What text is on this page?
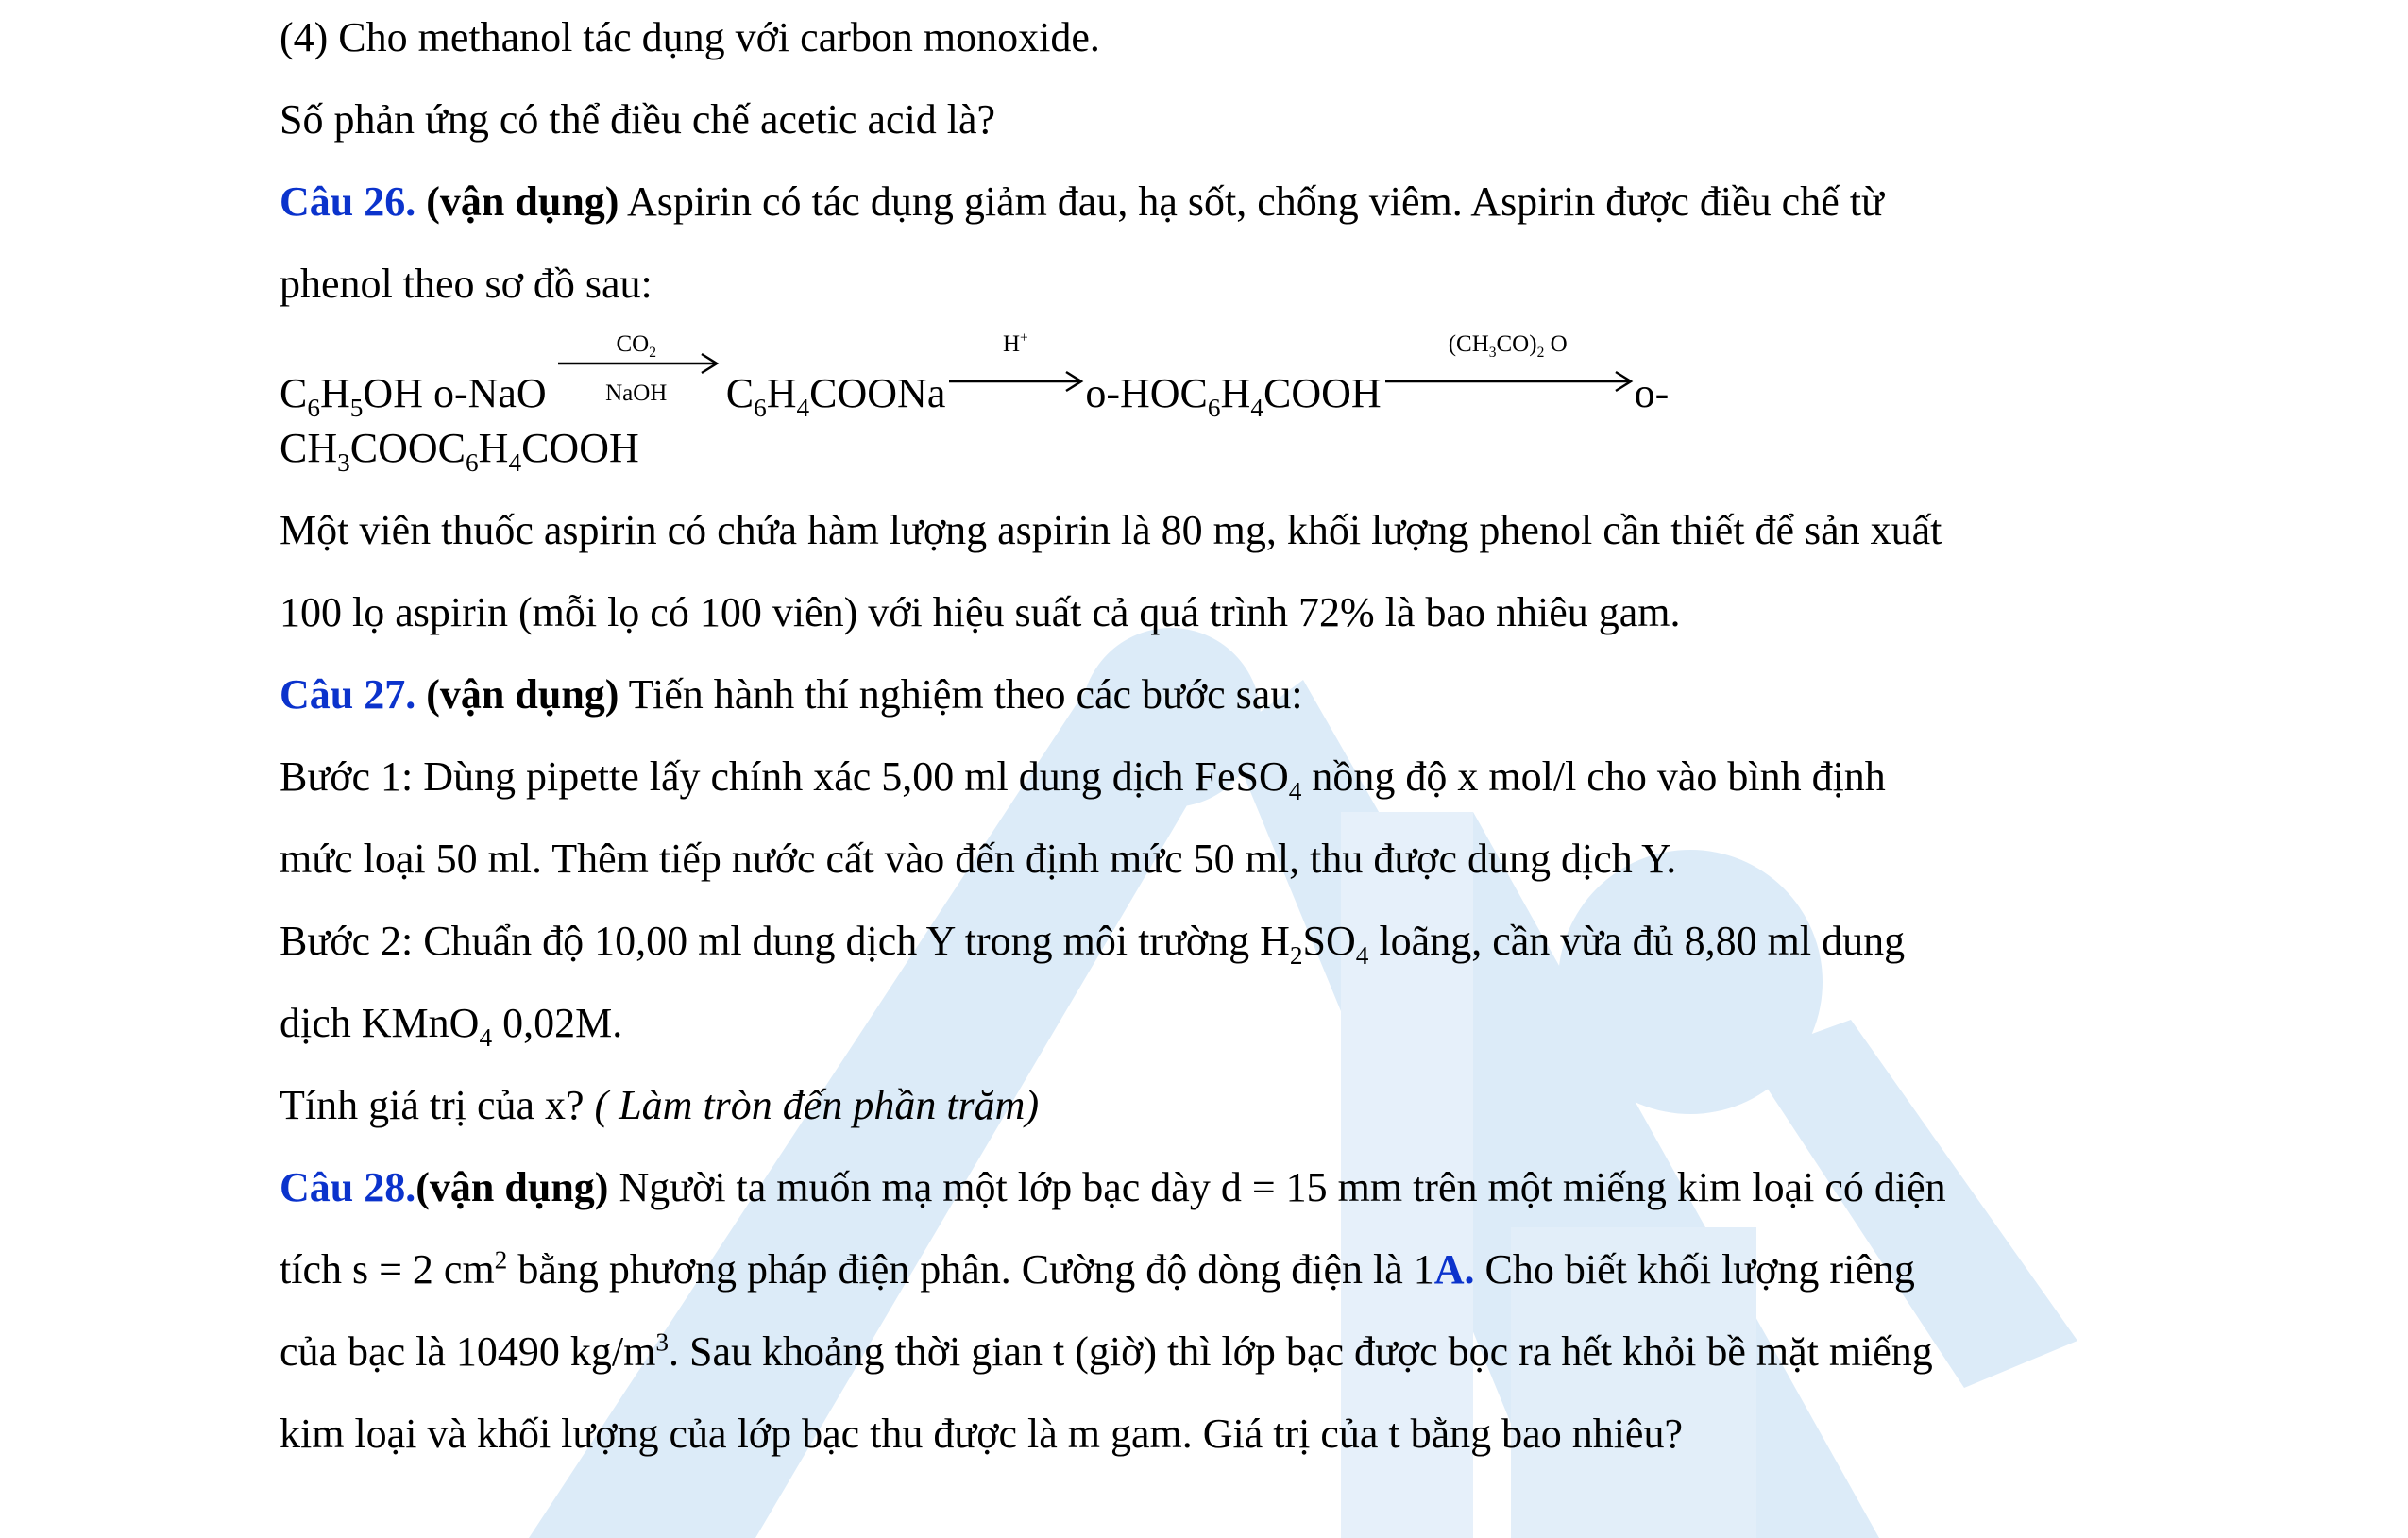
(4) Cho methanol tác dụng với carbon monoxide.
Số phản ứng có thể điều chế acetic acid là?
Câu 26. (vận dụng) Aspirin có tác dụng giảm đau, hạ sốt, chống viêm. Aspirin được điều chế từ
phenol theo sơ đồ sau:
$C_6H_5OH$ o-NaO
$CO_2$
NaOH	$C_6H_4COONa$
H+
$o-HOC_6H_4COOH$
$(CH_3CO)_2$ O
o-
$CH_3COOC_6H_4COOH$
Một viên thuốc aspirin có chứa hàm lượng aspirin là 80 mg, khối lượng phenol cần thiết để sản xuất
100 lọ aspirin (mỗi lọ có 100 viên) với hiệu suất cả quá trình 72% là bao nhiêu gam.
Câu 27. (vận dụng) Tiến hành thí nghiệm theo các bước sau:
Bước 1: Dùng pipette lấy chính xác 5,00 ml dung dịch FeSO$_4$ nồng độ x mol/l cho vào bình định
mức loại 50 ml. Thêm tiếp nước cất vào đến định mức 50 ml, thu được dung dịch Y.
Bước 2: Chuẩn độ 10,00 ml dung dịch Y trong môi trường $H_2SO_4$ loãng, cần vừa đủ 8,80 ml dung
dịch KMnO$_4$ 0,02M.
Tính giá trị của x? ( Làm tròn đến phần trăm)
Câu 28.(vận dụng) Người ta muốn mạ một lớp bạc dày d = 15 mm trên một miếng kim loại có diện
tích s = 2 $cm^2$ bằng phương pháp điện phân. Cường độ dòng điện là 1A. Cho biết khối lượng riêng
của bạc là 10490 $kg/m^3$. Sau khoảng thời gian t (giờ) thì lớp bạc được bọc ra hết khỏi bề mặt miếng
kim loại và khối lượng của lớp bạc thu được là m gam. Giá trị của t bằng bao nhiêu?
